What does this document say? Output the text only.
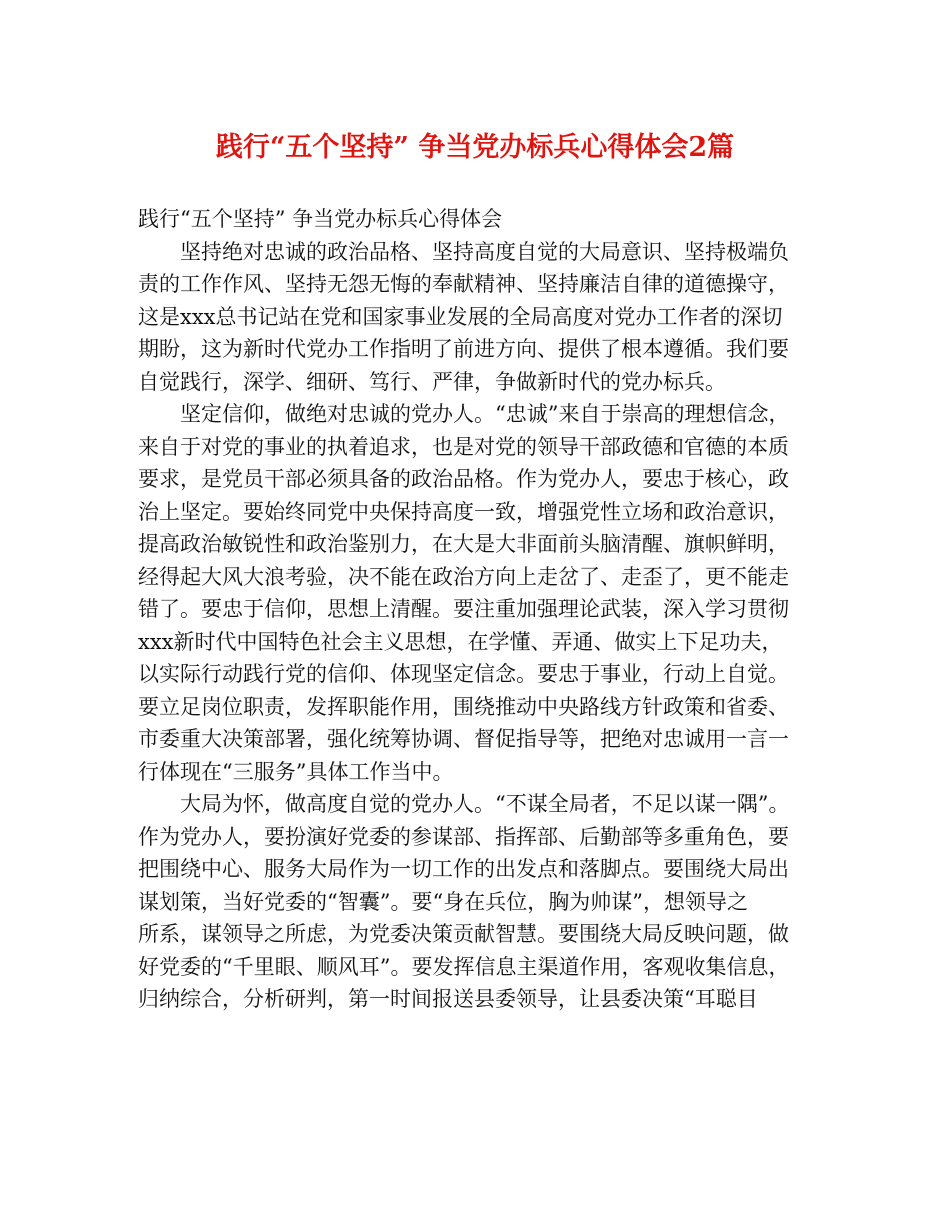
践行“五个坚持” 争当党办标兵心得体会2篇
践行“五个坚持” 争当党办标兵心得体会
　　坚持绝对忠诚的政治品格、坚持高度自觉的大局意识、坚持极端负
责的工作作风、坚持无怨无悔的奉献精神、坚持廉洁自律的道德操守，
这是xxx总书记站在党和国家事业发展的全局高度对党办工作者的深切
期盼，这为新时代党办工作指明了前进方向、提供了根本遵循。我们要
自觉践行，深学、细研、笃行、严律，争做新时代的党办标兵。
　　坚定信仰，做绝对忠诚的党办人。“忠诚”来自于崇高的理想信念，
来自于对党的事业的执着追求，也是对党的领导干部政德和官德的本质
要求，是党员干部必须具备的政治品格。作为党办人，要忠于核心，政
治上坚定。要始终同党中央保持高度一致，增强党性立场和政治意识，
提高政治敏锐性和政治鉴别力，在大是大非面前头脑清醒、旗帜鲜明，
经得起大风大浪考验，决不能在政治方向上走岔了、走歪了，更不能走
错了。要忠于信仰，思想上清醒。要注重加强理论武装，深入学习贯彻
xxx新时代中国特色社会主义思想，在学懂、弄通、做实上下足功夫，
以实际行动践行党的信仰、体现坚定信念。要忠于事业，行动上自觉。
要立足岗位职责，发挥职能作用，围绕推动中央路线方针政策和省委、
市委重大决策部署，强化统筹协调、督促指导等，把绝对忠诚用一言一
行体现在“三服务”具体工作当中。
　　大局为怀，做高度自觉的党办人。“不谋全局者，不足以谋一隅”。
作为党办人，要扮演好党委的参谋部、指挥部、后勤部等多重角色，要
把围绕中心、服务大局作为一切工作的出发点和落脚点。要围绕大局出
谋划策，当好党委的“智囊”。要“身在兵位，胸为帅谋”，想领导之
所系，谋领导之所虑，为党委决策贡献智慧。要围绕大局反映问题，做
好党委的“千里眼、顺风耳”。要发挥信息主渠道作用，客观收集信息，
归纳综合，分析研判，第一时间报送县委领导，让县委决策“耳聪目
